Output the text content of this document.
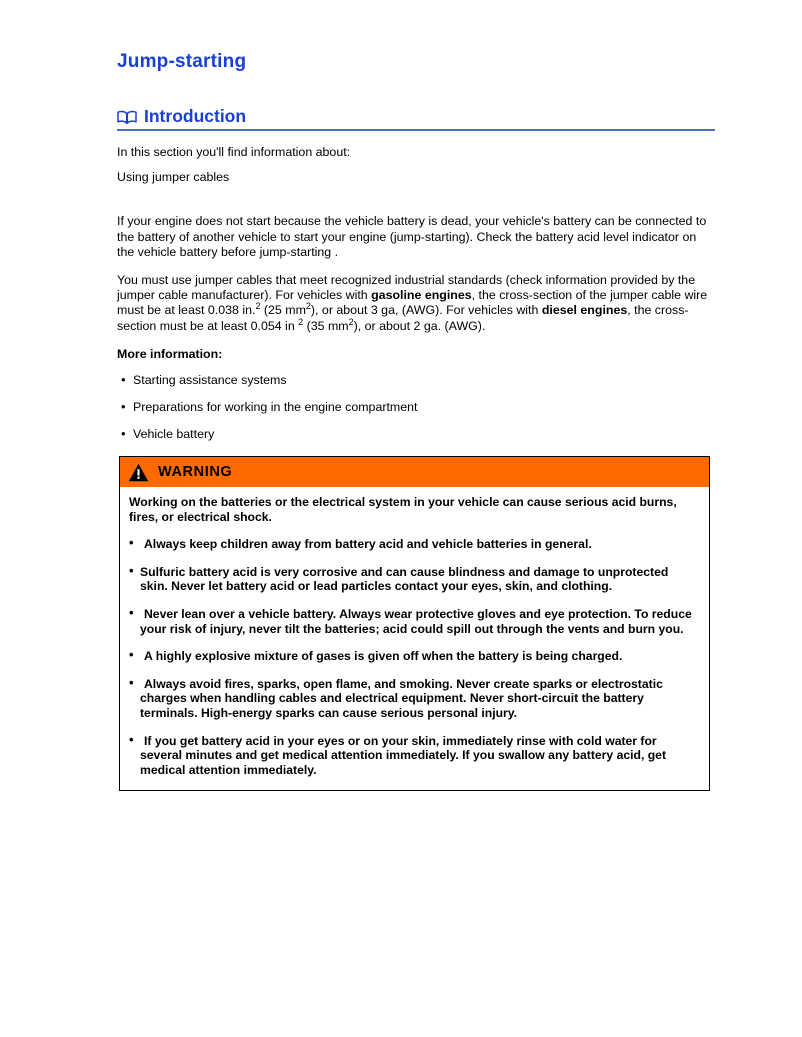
Jump-starting
Introduction

In this section you'll find information about:

Using jumper cables

If your engine does not start because the vehicle battery is dead, your vehicle's battery can be connected to the battery of another vehicle to start your engine (jump-starting). Check the battery acid level indicator on the vehicle battery before jump-starting .

You must use jumper cables that meet recognized industrial standards (check information provided by the jumper cable manufacturer). For vehicles with gasoline engines, the cross-section of the jumper cable wire must be at least 0.038 in.$^2$ (25 $mm^2$), or about 3 ga, (AWG). For vehicles with diesel engines, the cross-section must be at least 0.054 in $^2$ (35 $mm^2$), or about 2 ga. (AWG).

More information:

• Starting assistance systems
• Preparations for working in the engine compartment
• Vehicle battery
WARNING

Working on the batteries or the electrical system in your vehicle can cause serious acid burns, fires, or electrical shock.

• Always keep children away from battery acid and vehicle batteries in general.
• Sulfuric battery acid is very corrosive and can cause blindness and damage to unprotected skin. Never let battery acid or lead particles contact your eyes, skin, and clothing.
• Never lean over a vehicle battery. Always wear protective gloves and eye protection. To reduce your risk of injury, never tilt the batteries; acid could spill out through the vents and burn you.
• A highly explosive mixture of gases is given off when the battery is being charged.
• Always avoid fires, sparks, open flame, and smoking. Never create sparks or electrostatic charges when handling cables and electrical equipment. Never short-circuit the battery terminals. High-energy sparks can cause serious personal injury.
• If you get battery acid in your eyes or on your skin, immediately rinse with cold water for several minutes and get medical attention immediately. If you swallow any battery acid, get medical attention immediately.
